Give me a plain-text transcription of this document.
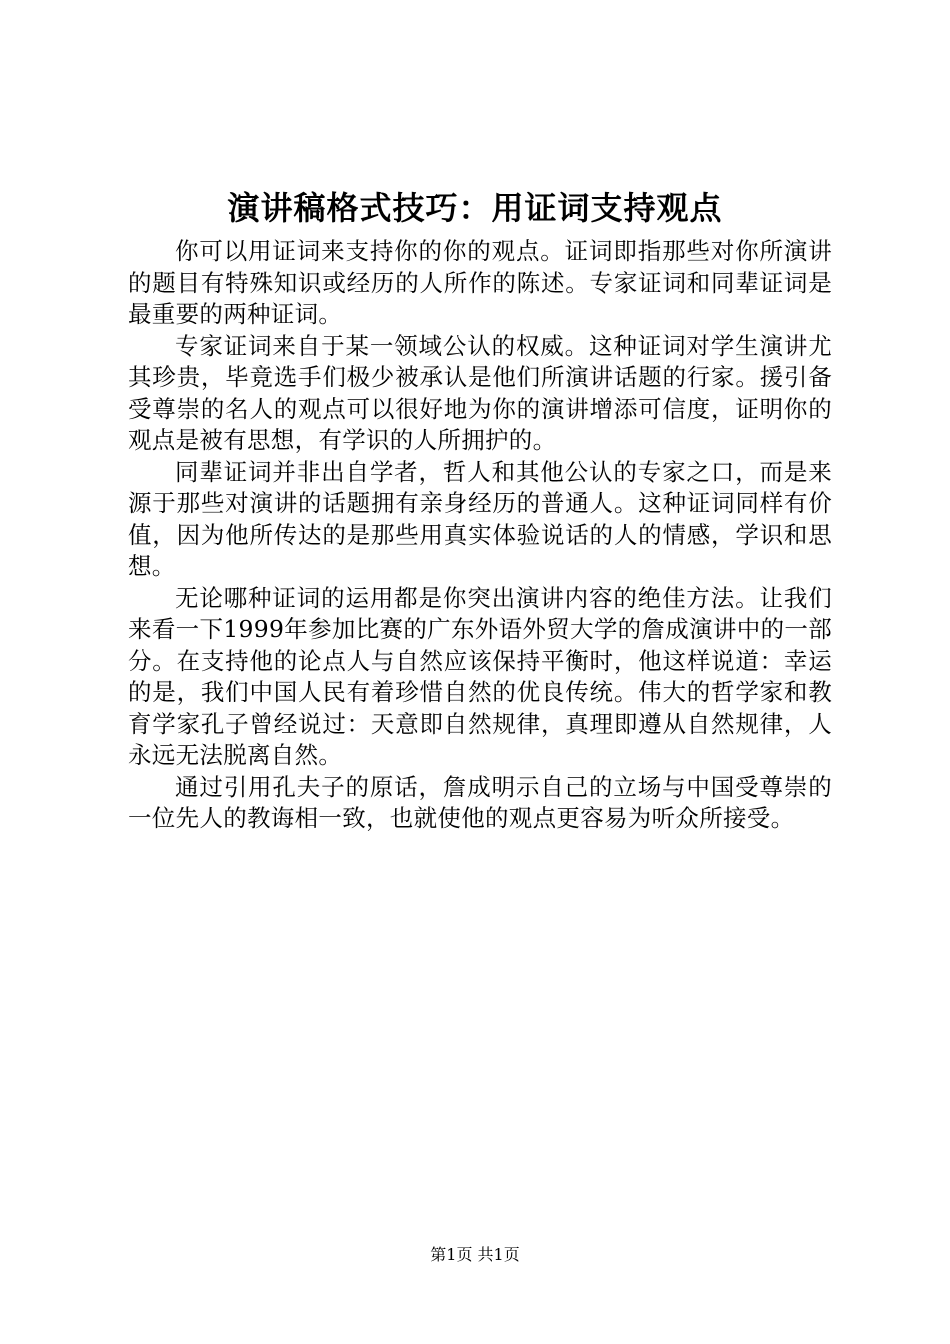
演讲稿格式技巧：用证词支持观点

你可以用证词来支持你的你的观点。证词即指那些对你所演讲的题目有特殊知识或经历的人所作的陈述。专家证词和同辈证词是最重要的两种证词。

专家证词来自于某一领域公认的权威。这种证词对学生演讲尤其珍贵，毕竟选手们极少被承认是他们所演讲话题的行家。援引备受尊崇的名人的观点可以很好地为你的演讲增添可信度，证明你的观点是被有思想，有学识的人所拥护的。

同辈证词并非出自学者，哲人和其他公认的专家之口，而是来源于那些对演讲的话题拥有亲身经历的普通人。这种证词同样有价值，因为他所传达的是那些用真实体验说话的人的情感，学识和思想。

无论哪种证词的运用都是你突出演讲内容的绝佳方法。让我们来看一下1999年参加比赛的广东外语外贸大学的詹成演讲中的一部分。在支持他的论点人与自然应该保持平衡时，他这样说道：幸运的是，我们中国人民有着珍惜自然的优良传统。伟大的哲学家和教育学家孔子曾经说过：天意即自然规律，真理即遵从自然规律，人永远无法脱离自然。

通过引用孔夫子的原话，詹成明示自己的立场与中国受尊崇的一位先人的教诲相一致，也就使他的观点更容易为听众所接受。

第1页 共1页
